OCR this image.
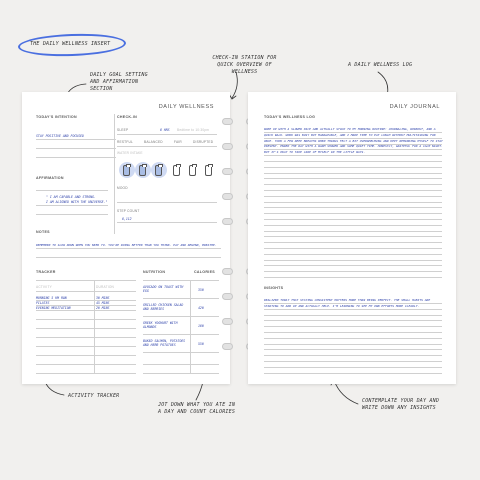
THE DAILY WELLNESS INSERT
DAILY GOAL SETTING AND AFFIRMATION SECTION
CHECK-IN STATION FOR QUICK OVERVIEW OF WELLNESS
A DAILY WELLNESS LOG
ACTIVITY TRACKER
JOT DOWN WHAT YOU ATE IN A DAY AND COUNT CALORIES
CONTEMPLATE YOUR DAY AND WRITE DOWN ANY INSIGHTS
DAILY WELLNESS
TODAY'S INTENTION
STAY POSITIVE AND FOCUSED
CHECK-IN
SLEEP	8 HRS Bedtime to 10:30pm
RESTFUL	BALANCED	FAIR	DISRUPTED
WATER INTAKE
MOOD
STEP COUNT
8,112
AFFIRMATION
" I AM CAPABLE AND STRONG.
I AM ALIGNED WITH THE UNIVERSE."
NOTES
REMEMBER TO SLOW DOWN WHEN YOU NEED TO. YOU'RE DOING BETTER THAN YOU THINK. PAY AND REWIND, BREATHE.
TRACKER
ACTIVITY	DURATION
MORNING 5 KM RUN	30 MINS
PILATES	45 MINS
EVENING MEDITATION	20 MINS
NUTRITION	CALORIES
AVOCADO ON TOAST WITH EGG	350
GRILLED CHICKEN SALAD AND BERRIES	420
GREEK YOGHURT WITH ALMONDS	180
BAKED SALMON, POTATOES AND HERB POTATOES	550
DAILY JOURNAL
TODAY'S WELLNESS LOG
WOKE UP WITH A SLOWER PACE AND ACTUALLY STUCK TO MY MORNING ROUTINE: JOURNALING, WORKOUT, AND A QUICK WALK. WORK WAS BUSY BUT MANAGEABLE, AND I MADE TIME TO EAT LUNCH WITHOUT MULTITASKING FOR ONCE. TOOK A FEW DEEP BREATHS WHEN THINGS FELT A BIT OVERWHELMING AND KEPT REMINDING MYSELF TO STAY PRESENT. ENDED THE DAY WITH A WARM SHOWER AND SOME QUIET TIME. HONESTLY, GRATEFUL FOR A CALM NIGHT. BUT IT'S OKAY TO TAKE CARE OF MYSELF IN THE LITTLE WAYS.
INSIGHTS
REALIZED TODAY THAT STAYING CONSISTENT MATTERS MORE THAN BEING PERFECT. THE SMALL HABITS ARE STARTING TO ADD UP AND ACTUALLY HELP. I'M LEARNING TO SEE MY OWN EFFORTS MORE CLEARLY.
